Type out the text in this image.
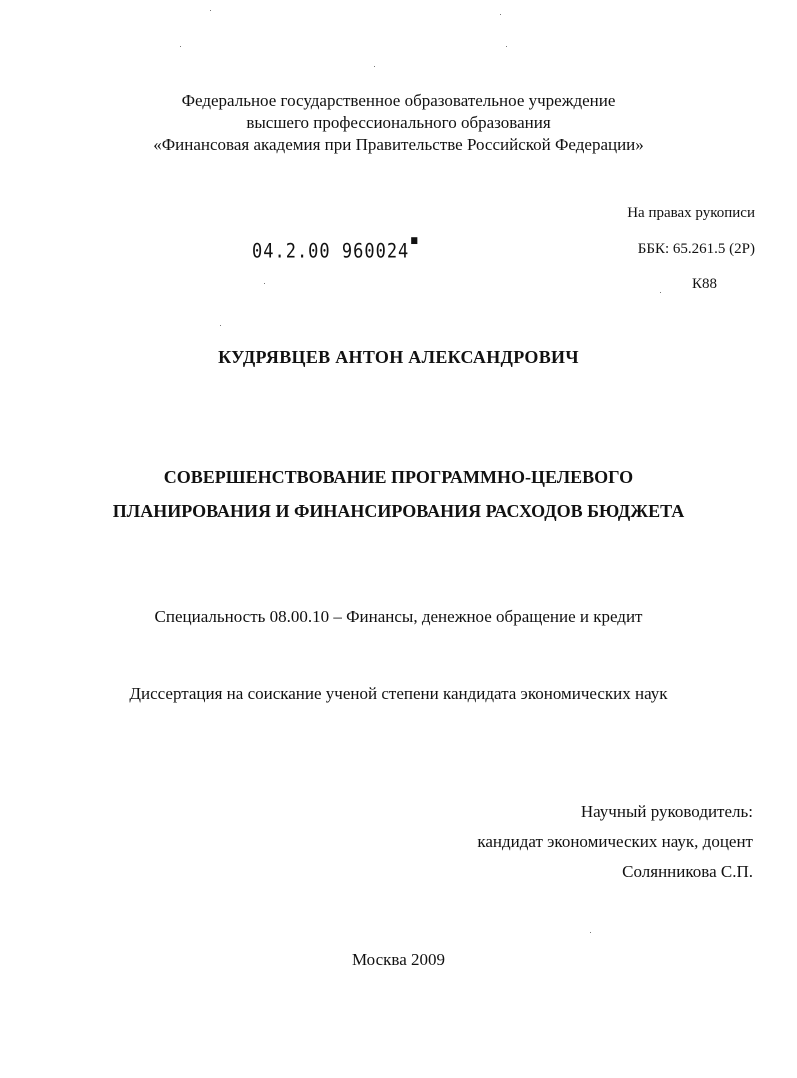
Федеральное государственное образовательное учреждение
высшего профессионального образования
«Финансовая академия при Правительстве Российской Федерации»
На правах рукописи
04.2.00 960024 ▀	ББК: 65.261.5 (2Р)
К88
КУДРЯВЦЕВ АНТОН АЛЕКСАНДРОВИЧ
СОВЕРШЕНСТВОВАНИЕ ПРОГРАММНО-ЦЕЛЕВОГО
ПЛАНИРОВАНИЯ И ФИНАНСИРОВАНИЯ РАСХОДОВ БЮДЖЕТА
Специальность 08.00.10 – Финансы, денежное обращение и кредит
Диссертация на соискание ученой степени кандидата экономических наук
Научный руководитель:
кандидат экономических наук, доцент
Солянникова С.П.
Москва 2009
